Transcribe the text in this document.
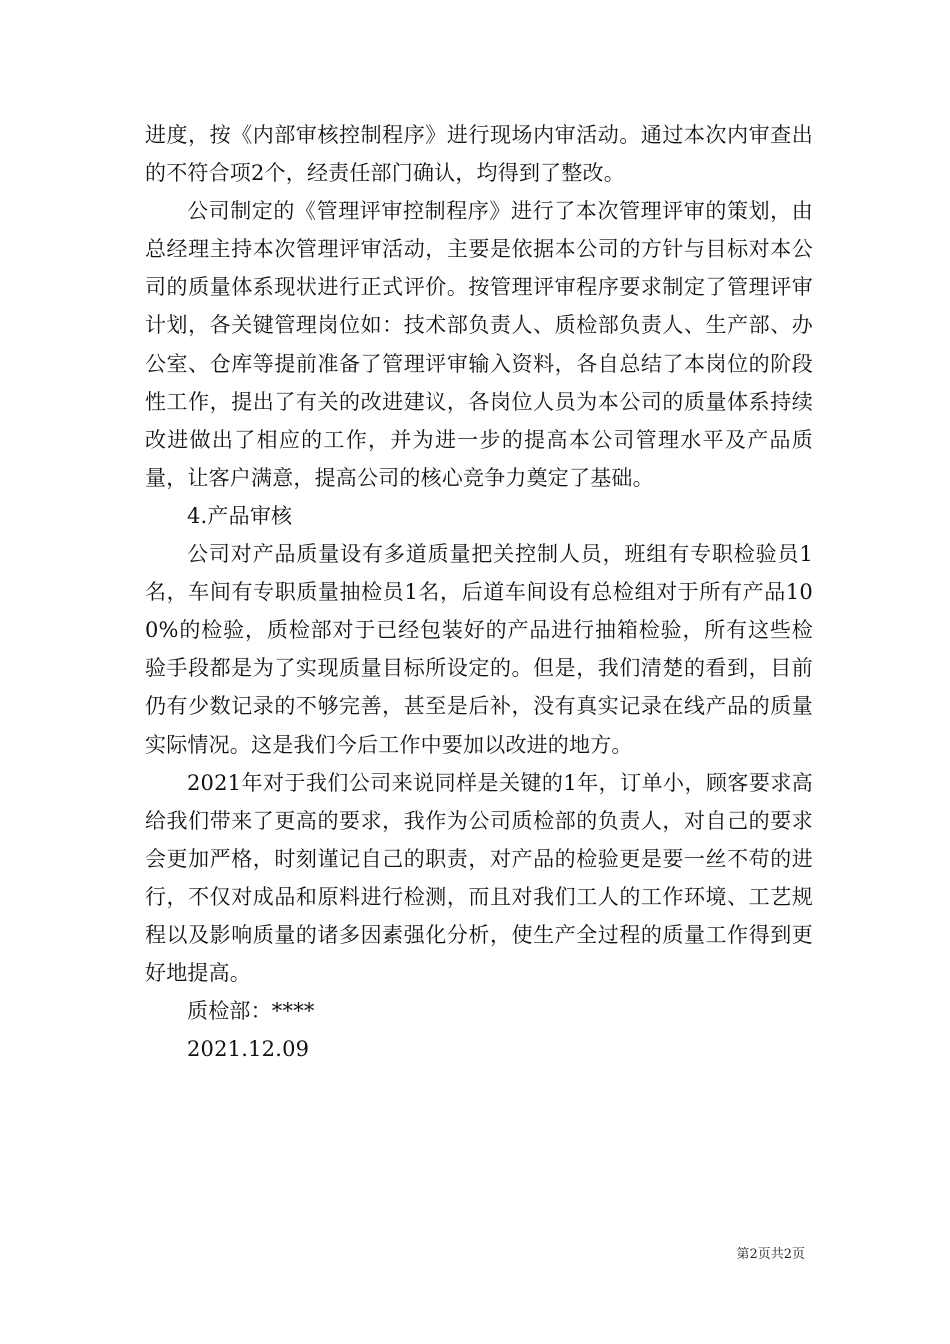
进度，按《内部审核控制程序》进行现场内审活动。通过本次内审查出的不符合项2个，经责任部门确认，均得到了整改。

公司制定的《管理评审控制程序》进行了本次管理评审的策划，由总经理主持本次管理评审活动，主要是依据本公司的方针与目标对本公司的质量体系现状进行正式评价。按管理评审程序要求制定了管理评审计划，各关键管理岗位如：技术部负责人、质检部负责人、生产部、办公室、仓库等提前准备了管理评审输入资料，各自总结了本岗位的阶段性工作，提出了有关的改进建议，各岗位人员为本公司的质量体系持续改进做出了相应的工作，并为进一步的提高本公司管理水平及产品质量，让客户满意，提高公司的核心竞争力奠定了基础。

4.产品审核

公司对产品质量设有多道质量把关控制人员，班组有专职检验员1名，车间有专职质量抽检员1名，后道车间设有总检组对于所有产品100%的检验，质检部对于已经包装好的产品进行抽箱检验，所有这些检验手段都是为了实现质量目标所设定的。但是，我们清楚的看到，目前仍有少数记录的不够完善，甚至是后补，没有真实记录在线产品的质量实际情况。这是我们今后工作中要加以改进的地方。

2021年对于我们公司来说同样是关键的1年，订单小，顾客要求高给我们带来了更高的要求，我作为公司质检部的负责人，对自己的要求会更加严格，时刻谨记自己的职责，对产品的检验更是要一丝不苟的进行，不仅对成品和原料进行检测，而且对我们工人的工作环境、工艺规程以及影响质量的诸多因素强化分析，使生产全过程的质量工作得到更好地提高。

质检部：****

2021.12.09

第2页共2页
